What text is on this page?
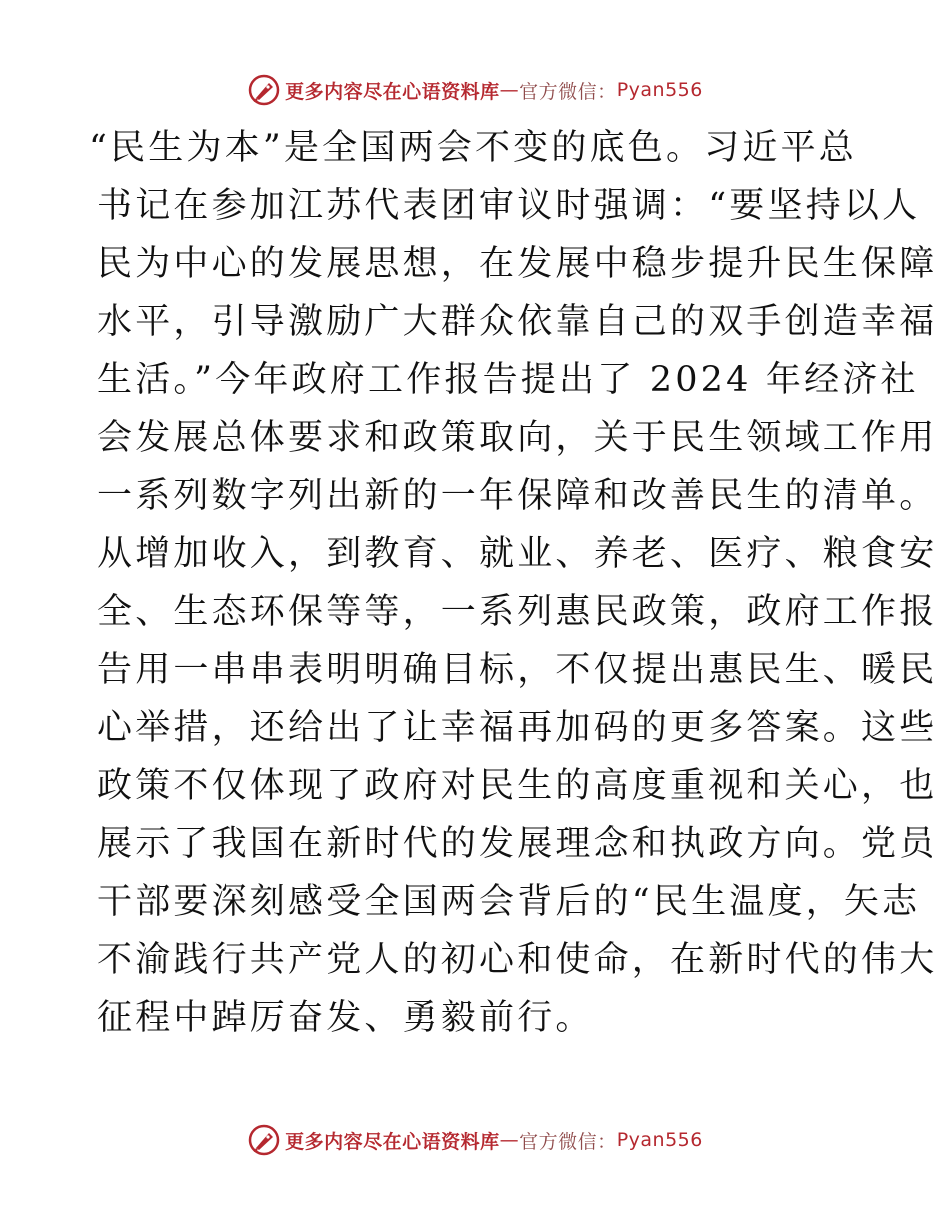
更多内容尽在心语资料库 — 官方微信： Pyan556
“民生为本”是全国两会不变的底色。习近平总
书记在参加江苏代表团审议时强调：“要坚持以人
民为中心的发展思想，在发展中稳步提升民生保障
水平，引导激励广大群众依靠自己的双手创造幸福
生活。”今年政府工作报告提出了 2024 年经济社
会发展总体要求和政策取向，关于民生领域工作用
一系列数字列出新的一年保障和改善民生的清单。
从增加收入，到教育、就业、养老、医疗、粮食安
全、生态环保等等，一系列惠民政策，政府工作报
告用一串串表明明确目标，不仅提出惠民生、暖民
心举措，还给出了让幸福再加码的更多答案。这些
政策不仅体现了政府对民生的高度重视和关心，也
展示了我国在新时代的发展理念和执政方向。党员
干部要深刻感受全国两会背后的“民生温度，矢志
不渝践行共产党人的初心和使命，在新时代的伟大
征程中踔厉奋发、勇毅前行。
更多内容尽在心语资料库 — 官方微信： Pyan556
